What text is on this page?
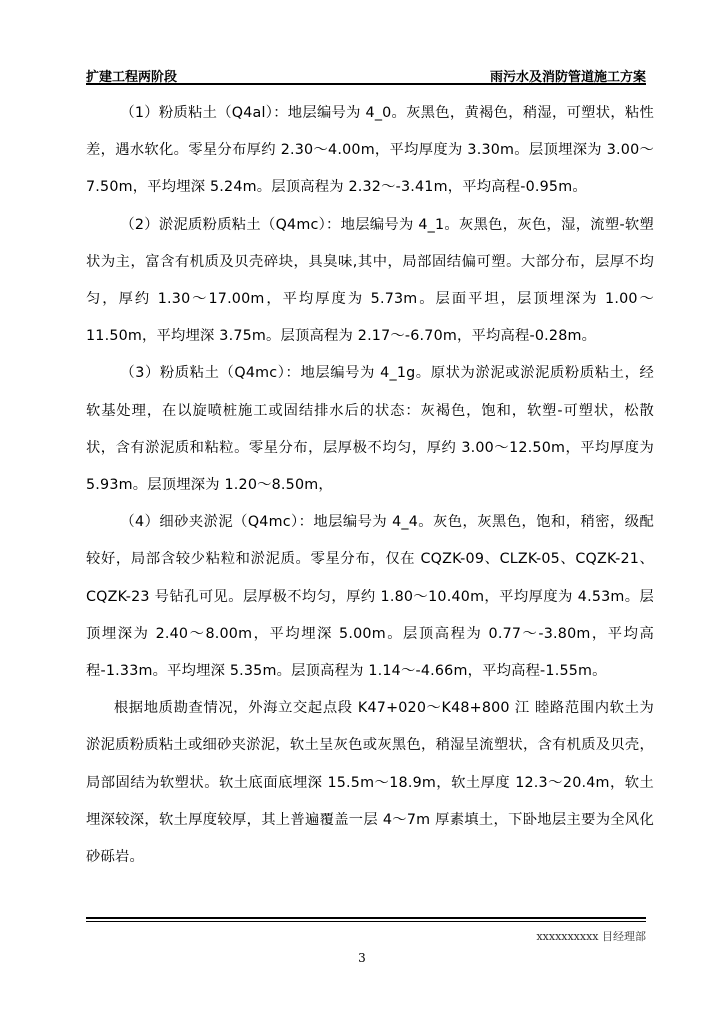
扩建工程两阶段	雨污水及消防管道施工方案

（1）粉质粘土（Q4al）：地层编号为 4_0。灰黑色，黄褐色，稍湿，可塑状，粘性差，遇水软化。零星分布厚约 2.30～4.00m，平均厚度为 3.30m。层顶埋深为 3.00～7.50m，平均埋深 5.24m。层顶高程为 2.32～-3.41m，平均高程-0.95m。

（2）淤泥质粉质粘土（Q4mc）：地层编号为 4_1。灰黑色，灰色，湿，流塑-软塑状为主，富含有机质及贝壳碎块，具臭味,其中，局部固结偏可塑。大部分布，层厚不均匀，厚约 1.30～17.00m，平均厚度为 5.73m。层面平坦，层顶埋深为 1.00～11.50m，平均埋深 3.75m。层顶高程为 2.17～-6.70m，平均高程-0.28m。

（3）粉质粘土（Q4mc）：地层编号为 4_1g。原状为淤泥或淤泥质粉质粘土，经软基处理，在以旋喷桩施工或固结排水后的状态：灰褐色，饱和，软塑-可塑状，松散状，含有淤泥质和粘粒。零星分布，层厚极不均匀，厚约 3.00～12.50m，平均厚度为 5.93m。层顶埋深为 1.20～8.50m，

（4）细砂夹淤泥（Q4mc）：地层编号为 4_4。灰色，灰黑色，饱和，稍密，级配较好，局部含较少粘粒和淤泥质。零星分布，仅在 CQZK-09、CLZK-05、CQZK-21、CQZK-23 号钻孔可见。层厚极不均匀，厚约 1.80～10.40m，平均厚度为 4.53m。层顶埋深为 2.40～8.00m，平均埋深 5.00m。层顶高程为 0.77～-3.80m，平均高程-1.33m。平均埋深 5.35m。层顶高程为 1.14～-4.66m，平均高程-1.55m。

根据地质勘查情况，外海立交起点段 K47+020～K48+800 江 睦路范围内软土为淤泥质粉质粘土或细砂夹淤泥，软土呈灰色或灰黑色，稍湿呈流塑状，含有机质及贝壳，局部固结为软塑状。软土底面底埋深 15.5m～18.9m，软土厚度 12.3～20.4m，软土埋深较深，软土厚度较厚，其上普遍覆盖一层 4～7m 厚素填土，下卧地层主要为全风化砂砾岩。

xxxxxxxxxx 目经理部
3
